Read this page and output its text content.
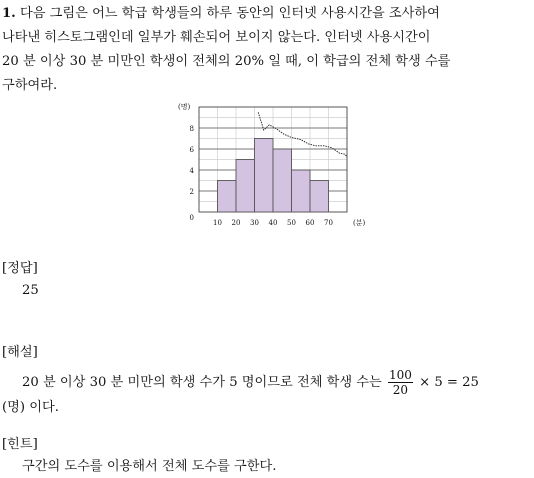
1. 다음 그림은 어느 학급 학생들의 하루 동안의 인터넷 사용시간을 조사하여
나타낸 히스토그램인데 일부가 훼손되어 보이지 않는다. 인터넷 사용시간이
20 분 이상 30 분 미만인 학생이 전체의 20% 일 때, 이 학급의 전체 학생 수를
구하여라.
0
2
4
6
8
(명)
10 20 30 40 50 60 70	(분)
[정답]
25
[해설]
20 분 이상 30 분 미만의 학생 수가 5 명이므로 전체 학생 수는 $\frac{100}{20} \times 5 = 25$
(명) 이다.
[힌트]
구간의 도수를 이용해서 전체 도수를 구한다.
